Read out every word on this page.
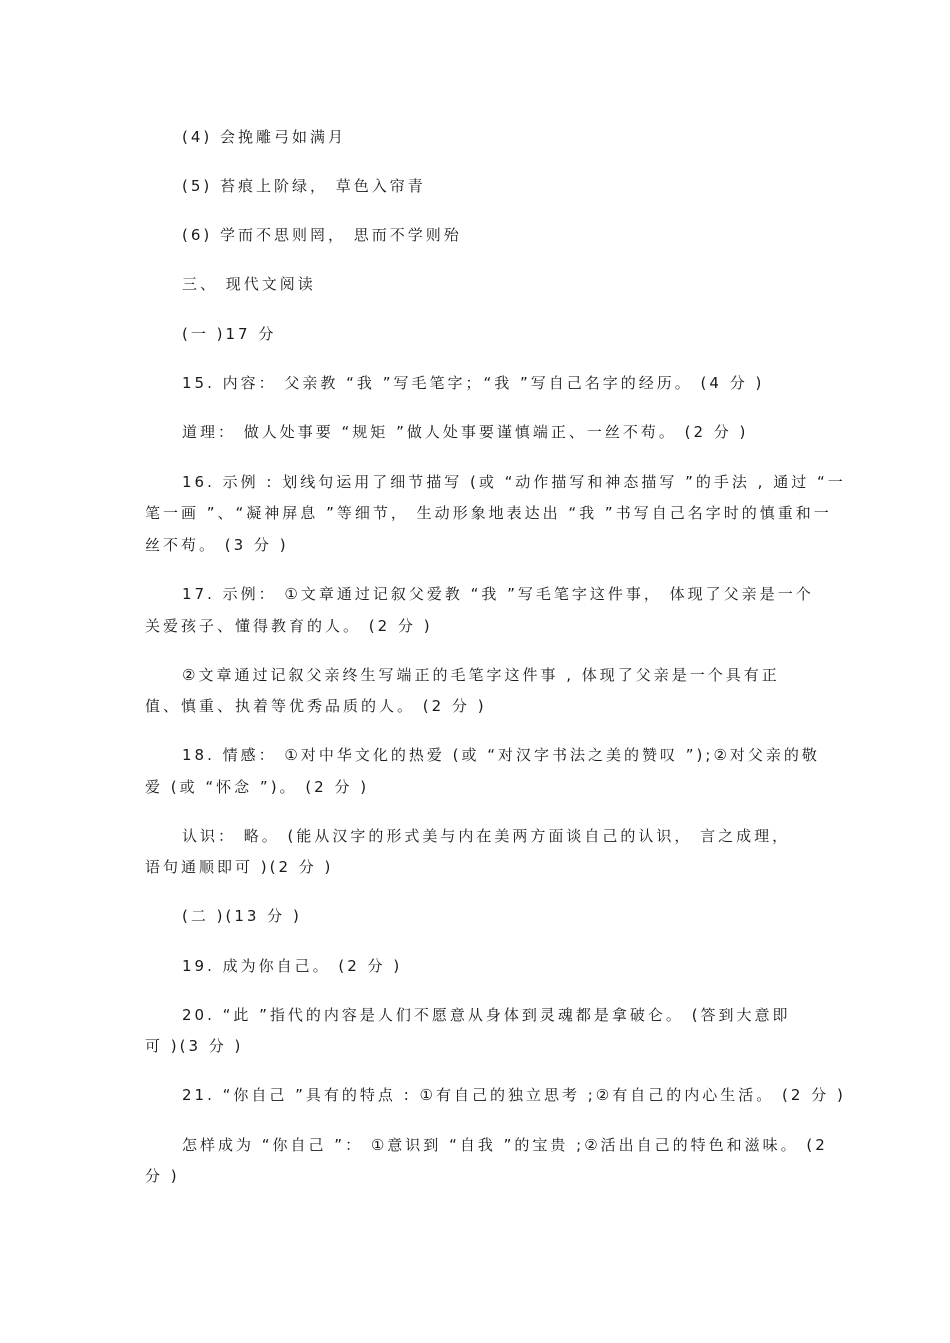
(4) 会挽雕弓如满月
(5) 苔痕上阶绿， 草色入帘青
(6) 学而不思则罔， 思而不学则殆
三、 现代文阅读
(一 )17 分
15. 内容： 父亲教 “我 ”写毛笔字；“我 ”写自己名字的经历。 (4 分 )
道理： 做人处事要 “规矩 ”做人处事要谨慎端正、一丝不苟。 (2 分 )
16. 示例 : 划线句运用了细节描写 (或 “动作描写和神态描写 ”的手法 , 通过 “一
笔一画 ”、“凝神屏息 ”等细节， 生动形象地表达出 “我 ”书写自己名字时的慎重和一
丝不苟。 (3 分 )
17. 示例： ①文章通过记叙父爱教 “我 ”写毛笔字这件事， 体现了父亲是一个
关爱孩子、懂得教育的人。 (2 分 )
②文章通过记叙父亲终生写端正的毛笔字这件事 , 体现了父亲是一个具有正
值、慎重、执着等优秀品质的人。 (2 分 )
18. 情感： ①对中华文化的热爱 (或 “对汉字书法之美的赞叹 ”);②对父亲的敬
爱 (或 “怀念 ”)。 (2 分 )
认识： 略。 (能从汉字的形式美与内在美两方面谈自己的认识， 言之成理，
语句通顺即可 )(2 分 )
(二 )(13 分 )
19. 成为你自己。 (2 分 )
20. “此 ”指代的内容是人们不愿意从身体到灵魂都是拿破仑。 (答到大意即
可 )(3 分 )
21. “你自己 ”具有的特点 : ①有自己的独立思考 ;②有自己的内心生活。 (2 分 )
怎样成为 “你自己 ”： ①意识到 “自我 ”的宝贵 ;②活出自己的特色和滋味。 (2
分 )
